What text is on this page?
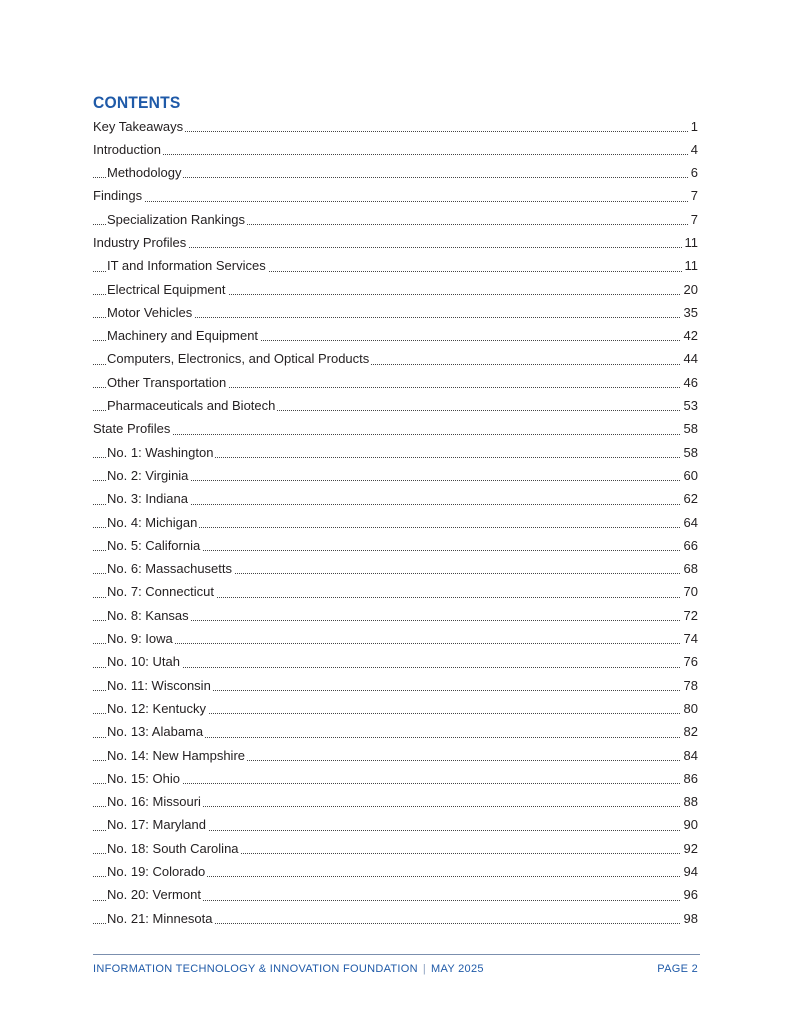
CONTENTS
Key Takeaways	1
Introduction	4
Methodology	6
Findings	7
Specialization Rankings	7
Industry Profiles	11
IT and Information Services	11
Electrical Equipment	20
Motor Vehicles	35
Machinery and Equipment	42
Computers, Electronics, and Optical Products	44
Other Transportation	46
Pharmaceuticals and Biotech	53
State Profiles	58
No. 1: Washington	58
No. 2: Virginia	60
No. 3: Indiana	62
No. 4: Michigan	64
No. 5: California	66
No. 6: Massachusetts	68
No. 7: Connecticut	70
No. 8: Kansas	72
No. 9: Iowa	74
No. 10: Utah	76
No. 11: Wisconsin	78
No. 12: Kentucky	80
No. 13: Alabama	82
No. 14: New Hampshire	84
No. 15: Ohio	86
No. 16: Missouri	88
No. 17: Maryland	90
No. 18: South Carolina	92
No. 19: Colorado	94
No. 20: Vermont	96
No. 21: Minnesota	98
INFORMATION TECHNOLOGY & INNOVATION FOUNDATION | MAY 2025	PAGE 2
